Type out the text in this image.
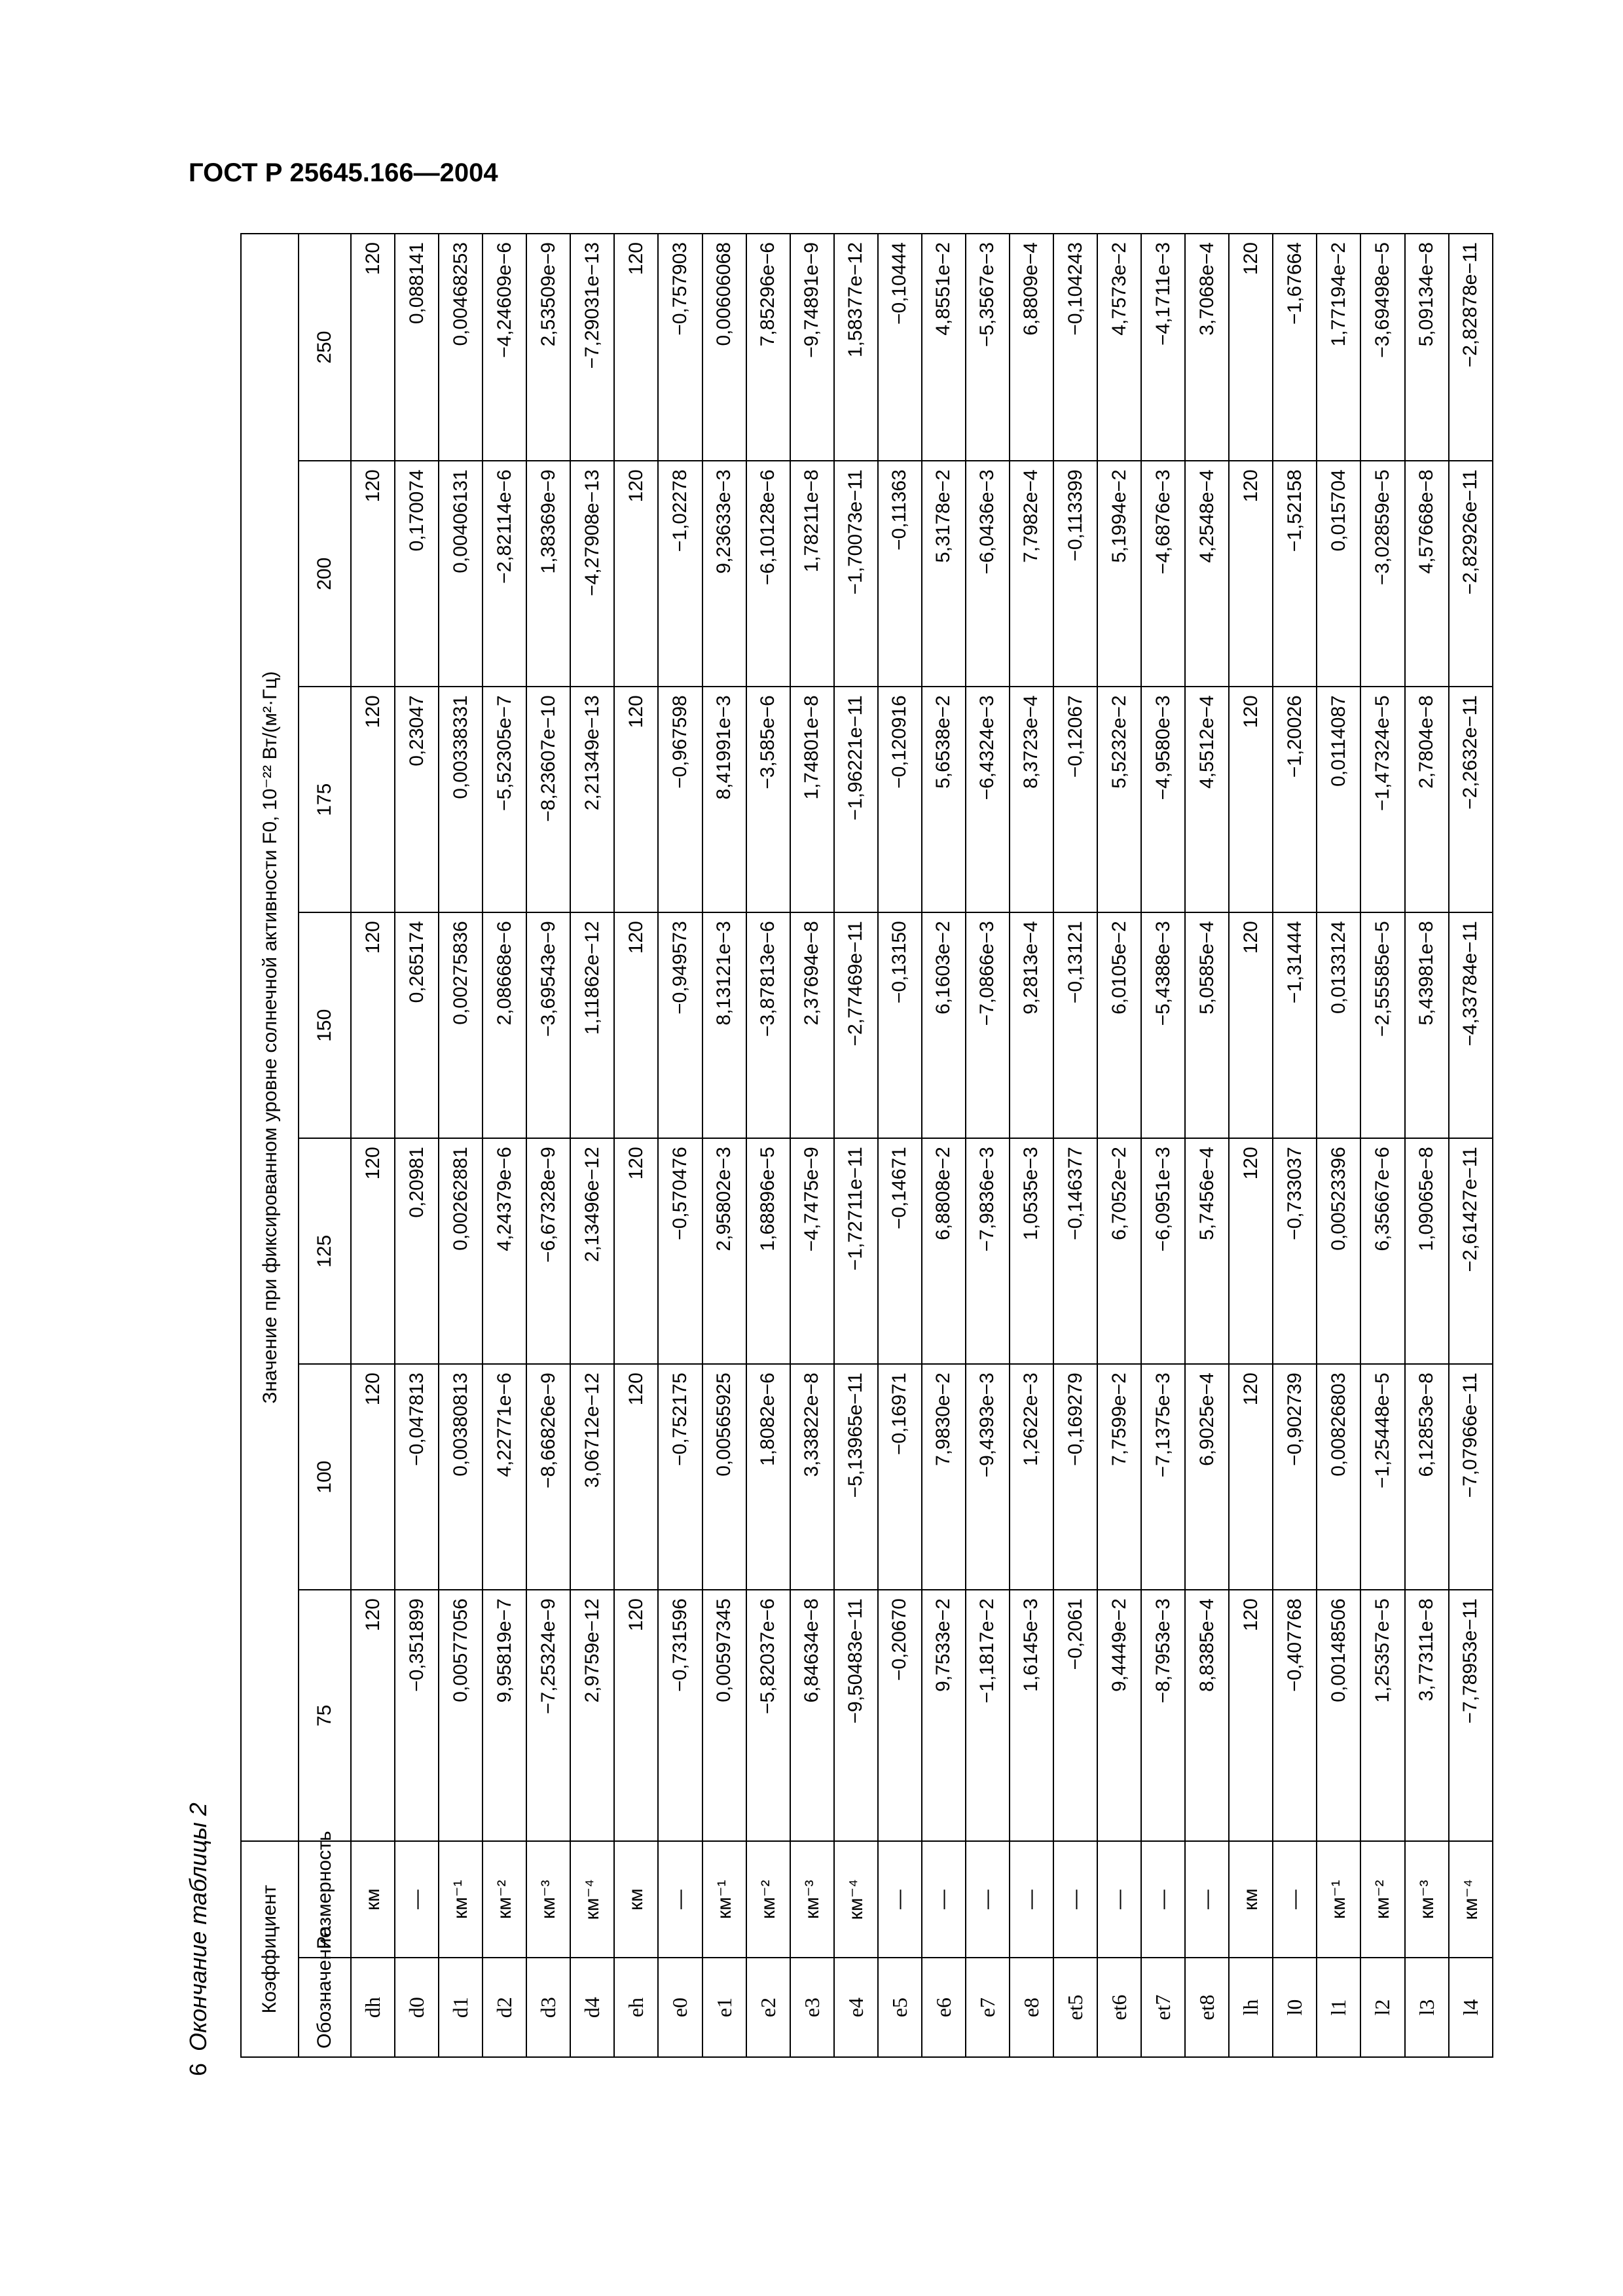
ГОСТ Р 25645.166—2004
6
Окончание таблицы 2 Коэффициент		Значение при фиксированном уровне солнечной активности F0, 10⁻²² Вт/(м²·Гц)						
Обозначение	Размерность	75	100	125	150	175	200	250
dh	км	120	120	120	120	120	120	120
d0	—	−0,351899	−0,047813	0,20981	0,265174	0,23047	0,170074	0,088141
d1	км⁻¹	0,00577056	0,00380813	0,00262881	0,00275836	0,00338331	0,00406131	0,00468253
d2	км⁻²	9,95819e−7	4,22771e−6	4,24379e−6	2,08668e−6	−5,52305e−7	−2,82114e−6	−4,24609e−6
d3	км⁻³	−7,25324e−9	−8,66826e−9	−6,67328e−9	−3,69543e−9	−8,23607e−10	1,38369e−9	2,53509e−9
d4	км⁻⁴	2,9759e−12	3,06712e−12	2,13496e−12	1,11862e−12	2,21349e−13	−4,27908e−13	−7,29031e−13
eh	км	120	120	120	120	120	120	120
e0	—	−0,731596	−0,752175	−0,570476	−0,949573	−0,967598	−1,02278	−0,757903
e1	км⁻¹	0,00597345	0,00565925	2,95802e−3	8,13121e−3	8,41991e−3	9,23633e−3	0,00606068
e2	км⁻²	−5,82037e−6	1,8082e−6	1,68896e−5	−3,87813e−6	−3,585e−6	−6,10128e−6	7,85296e−6
e3	км⁻³	6,84634e−8	3,33822e−8	−4,7475e−9	2,37694e−8	1,74801e−8	1,78211e−8	−9,74891e−9
e4	км⁻⁴	−9,50483e−11	−5,13965e−11	−1,72711e−11	−2,77469e−11	−1,96221e−11	−1,70073e−11	1,58377e−12
e5	—	−0,20670	−0,16971	−0,14671	−0,13150	−0,120916	−0,11363	−0,10444
e6	—	9,7533e−2	7,9830e−2	6,8808e−2	6,1603e−2	5,6538e−2	5,3178e−2	4,8551e−2
e7	—	−1,1817e−2	−9,4393e−3	−7,9836e−3	−7,0866e−3	−6,4324e−3	−6,0436e−3	−5,3567e−3
e8	—	1,6145e−3	1,2622e−3	1,0535e−3	9,2813e−4	8,3723e−4	7,7982e−4	6,8809e−4
et5	—	−0,2061	−0,169279	−0,146377	−0,13121	−0,12067	−0,113399	−0,104243
et6	—	9,4449e−2	7,7599e−2	6,7052e−2	6,0105e−2	5,5232e−2	5,1994e−2	4,7573e−2
et7	—	−8,7953e−3	−7,1375e−3	−6,0951e−3	−5,4388e−3	−4,9580e−3	−4,6876e−3	−4,1711e−3
et8	—	8,8385e−4	6,9025e−4	5,7456e−4	5,0585e−4	4,5512e−4	4,2548e−4	3,7068e−4
lh	км	120	120	120	120	120	120	120
l0	—	−0,407768	−0,902739	−0,733037	−1,31444	−1,20026	−1,52158	−1,67664
l1	км⁻¹	0,00148506	0,00826803	0,00523396	0,0133124	0,0114087	0,015704	1,77194e−2
l2	км⁻²	1,25357e−5	−1,25448e−5	6,35667e−6	−2,55585e−5	−1,47324e−5	−3,02859e−5	−3,69498e−5
l3	км⁻³	3,77311e−8	6,12853e−8	1,09065e−8	5,43981e−8	2,7804e−8	4,57668e−8	5,09134e−8
l4	км⁻⁴	−7,78953e−11	−7,07966e−11	−2,61427e−11	−4,33784e−11	−2,2632e−11	−2,82926e−11	−2,82878e−11
